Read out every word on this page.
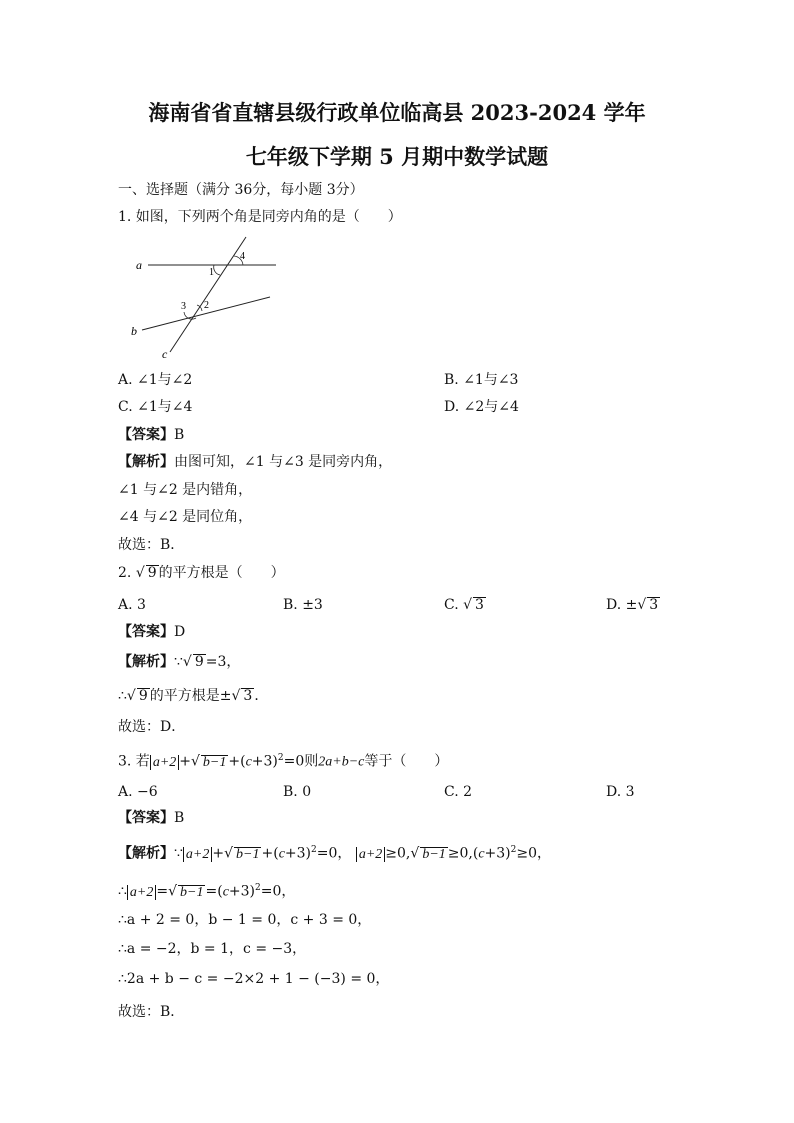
海南省省直辖县级行政单位临高县 2023-2024 学年
七年级下学期 5 月期中数学试题
一、选择题（满分 36分，每小题 3分）
1. 如图，下列两个角是同旁内角的是（　　）
a
b
c
4
1
3 2
A. ∠1与∠2	B. ∠1与∠3
C. ∠1与∠4	D. ∠2与∠4
【答案】B
【解析】由图可知，∠1 与∠3 是同旁内角，
∠1 与∠2 是内错角，
∠4 与∠2 是同位角，
故选：B．
2. √ 9 的平方根是（　　）
A. 3	B. ±3	C. √ 3	D. ±√ 3
【答案】D
【解析】∵√ 9 =3，
∴√ 9 的平方根是±√ 3 ．
故选：D．
3. 若 a+2 +√ $b-1 +(c+3)^2=0$则2a+b−c等于（　　）
A. −6	B. 0	C. 2	D. 3
【答案】B
【解析】∵ a+2 +√ $b-1 +(c+3)^2=0$， a+2 ≥0,√ $b-1 \ge 0,(c+3)^2\ge 0$，
∴ a+2 =√ $b-1 =(c+3)^2=0$，
∴a + 2 = 0，b − 1 = 0，c + 3 = 0，
∴a = −2，b = 1，c = −3，
∴2a + b − c = −2×2 + 1 − (−3) = 0，
故选：B．
